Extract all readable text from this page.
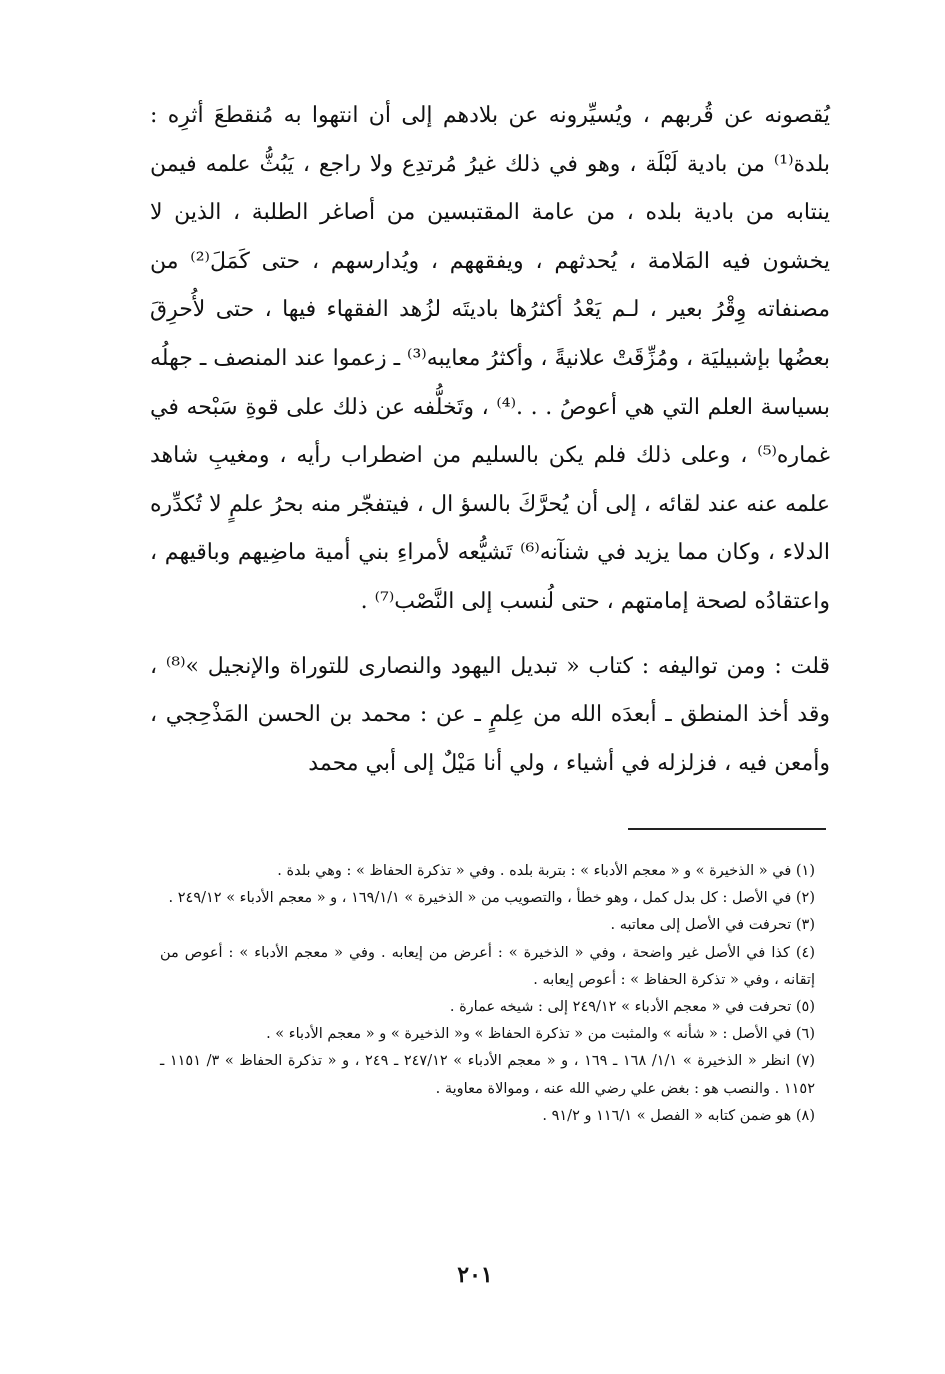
يُقصونه عن قُربهم ، ويُسيِّرونه عن بلادهم إلى أن انتهوا به مُنقطعَ أثرِه : بلدة⁽¹⁾ من بادية لَبْلَة ، وهو في ذلك غيرُ مُرتدِع ولا راجع ، يَبُثُّ علمه فيمن ينتابه من بادية بلده ، من عامة المقتبسين من أصاغر الطلبة ، الذين لا يخشون فيه المَلامة ، يُحدثهم ، ويفقههم ، ويُدارسهم ، حتى كَمَلَ⁽²⁾ من مصنفاته وِقْرُ بعير ، لـم يَعْدُ أكثرُها باديتَه لزُهد الفقهاء فيها ، حتى لأُحرِقَ بعضُها بإشبيليَة ، ومُزِّقَتْ علانيةً ، وأكثرُ معايبه⁽³⁾ ـ زعموا عند المنصف ـ جهلُه بسياسة العلم التي هي أعوصُ . . .⁽⁴⁾ ، وتَخلُّفه عن ذلك على قوةِ سَبْحه في غماره⁽⁵⁾ ، وعلى ذلك فلم يكن بالسليم من اضطراب رأيه ، ومغيبِ شاهد علمه عنه عند لقائه ، إلى أن يُحرَّكَ بالسؤ ال ، فيتفجّر منه بحرُ علمٍ لا تُكدِّره الدلاء ، وكان مما يزيد في شنآنه⁽⁶⁾ تَشيُّعه لأمراءِ بني أمية ماضِيهم وباقيهم ، واعتقادُه لصحة إمامتهم ، حتى لُنسب إلى النَّصْب⁽⁷⁾ .

قلت : ومن تواليفه : كتاب « تبديل اليهود والنصارى للتوراة والإنجيل »⁽⁸⁾ ، وقد أخذ المنطق ـ أبعدَه الله من عِلمٍ ـ عن : محمد بن الحسن المَذْحِجي ، وأمعن فيه ، فزلزله في أشياء ، ولي أنا مَيْلٌ إلى أبي محمد

(١) في « الذخيرة » و « معجم الأدباء » : بتربة بلده . وفي « تذكرة الحفاظ » : وهي بلدة .

(٢) في الأصل : كل بدل كمل ، وهو خطأ ، والتصويب من « الذخيرة » ١٦٩/١/١ ، و « معجم الأدباء » ٢٤٩/١٢ .

(٣) تحرفت في الأصل إلى معاتبه .

(٤) كذا في الأصل غير واضحة ، وفي « الذخيرة » : أعرض من إيعابه . وفي « معجم الأدباء » : أعوص من إتقانه ، وفي « تذكرة الحفاظ » : أعوص إيعابه .

(٥) تحرفت في « معجم الأدباء » ٢٤٩/١٢ إلى : شيخه عمارة .

(٦) في الأصل : « شأنه » والمثبت من « تذكرة الحفاظ » و« الذخيرة » و « معجم الأدباء » .

(٧) انظر « الذخيرة » ١/١/ ١٦٨ ـ ١٦٩ ، و « معجم الأدباء » ٢٤٧/١٢ ـ ٢٤٩ ، و « تذكرة الحفاظ » ٣/ ١١٥١ ـ ١١٥٢ . والنصب هو : بغض علي رضي الله عنه ، وموالاة معاوية .

(٨) هو ضمن كتابه « الفصل » ١١٦/١ و ٩١/٢ .

٢٠١
